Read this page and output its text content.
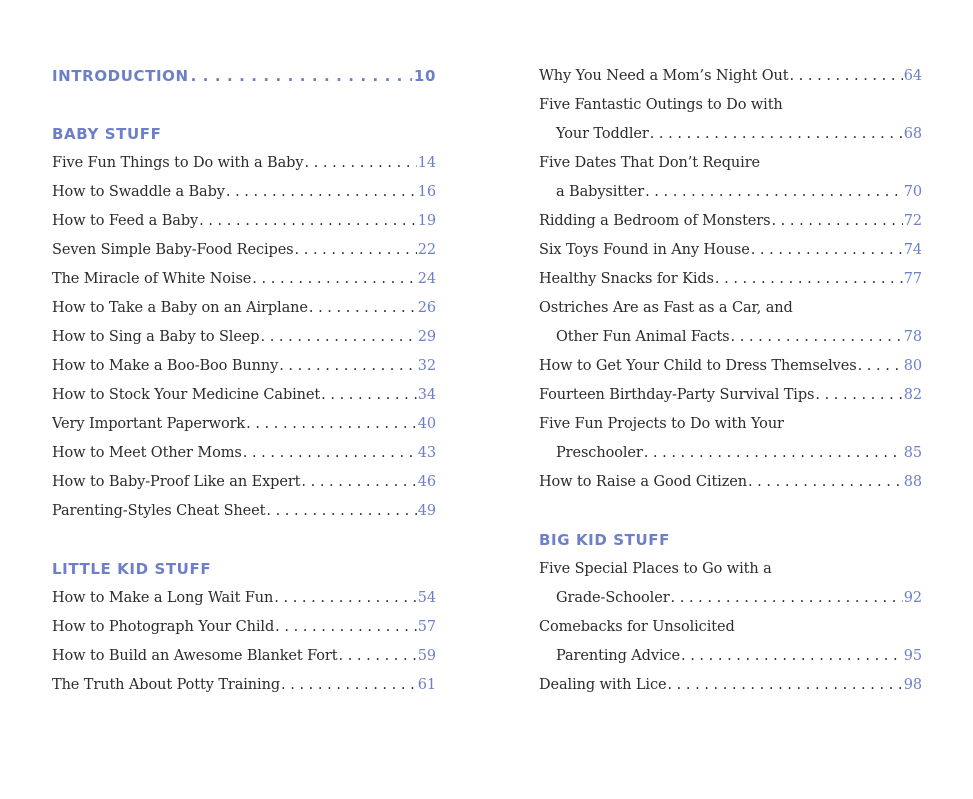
INTRODUCTION . . .	10
BABY STUFF
Five Fun Things to Do with a Baby . . .	14
How to Swaddle a Baby . . .	16
How to Feed a Baby . . .	19
Seven Simple Baby-Food Recipes . . .	22
The Miracle of White Noise . . .	24
How to Take a Baby on an Airplane . . .	26
How to Sing a Baby to Sleep . . .	29
How to Make a Boo-Boo Bunny . . .	32
How to Stock Your Medicine Cabinet . . .	34
Very Important Paperwork . . .	40
How to Meet Other Moms . . .	43
How to Baby-Proof Like an Expert . . .	46
Parenting-Styles Cheat Sheet . . .	49
LITTLE KID STUFF
How to Make a Long Wait Fun . . .	54
How to Photograph Your Child . . .	57
How to Build an Awesome Blanket Fort . . .	59
The Truth About Potty Training . . .	61
Why You Need a Mom’s Night Out . . .	64
Five Fantastic Outings to Do with
Your Toddler . . .	68
Five Dates That Don’t Require
a Babysitter . . .	70
Ridding a Bedroom of Monsters . . .	72
Six Toys Found in Any House . . .	74
Healthy Snacks for Kids . . .	77
Ostriches Are as Fast as a Car, and
Other Fun Animal Facts . . .	78
How to Get Your Child to Dress Themselves . . .	80
Fourteen Birthday-Party Survival Tips . . .	82
Five Fun Projects to Do with Your
Preschooler . . .	85
How to Raise a Good Citizen . . .	88
BIG KID STUFF
Five Special Places to Go with a
Grade-Schooler . . .	92
Comebacks for Unsolicited
Parenting Advice . . .	95
Dealing with Lice . . .	98
